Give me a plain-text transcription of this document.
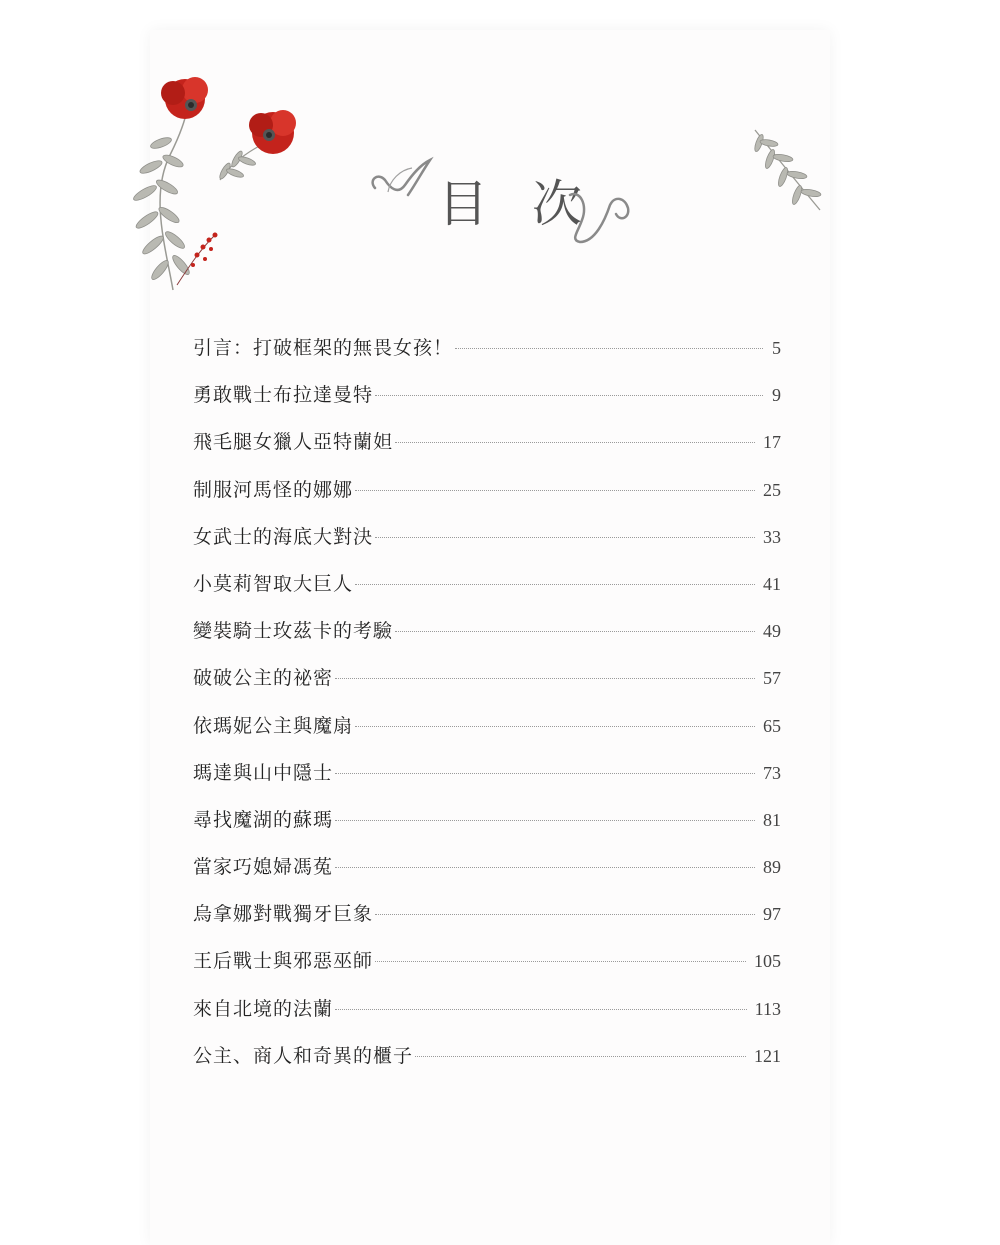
目 次
引言：打破框架的無畏女孩！	5
勇敢戰士布拉達曼特	9
飛毛腿女獵人亞特蘭妲	17
制服河馬怪的娜娜	25
女武士的海底大對決	33
小莫莉智取大巨人	41
變裝騎士玫茲卡的考驗	49
破破公主的祕密	57
依瑪妮公主與魔扇	65
瑪達與山中隱士	73
尋找魔湖的蘇瑪	81
當家巧媳婦馮菟	89
烏拿娜對戰獨牙巨象	97
王后戰士與邪惡巫師	105
來自北境的法蘭	113
公主、商人和奇異的櫃子	121
